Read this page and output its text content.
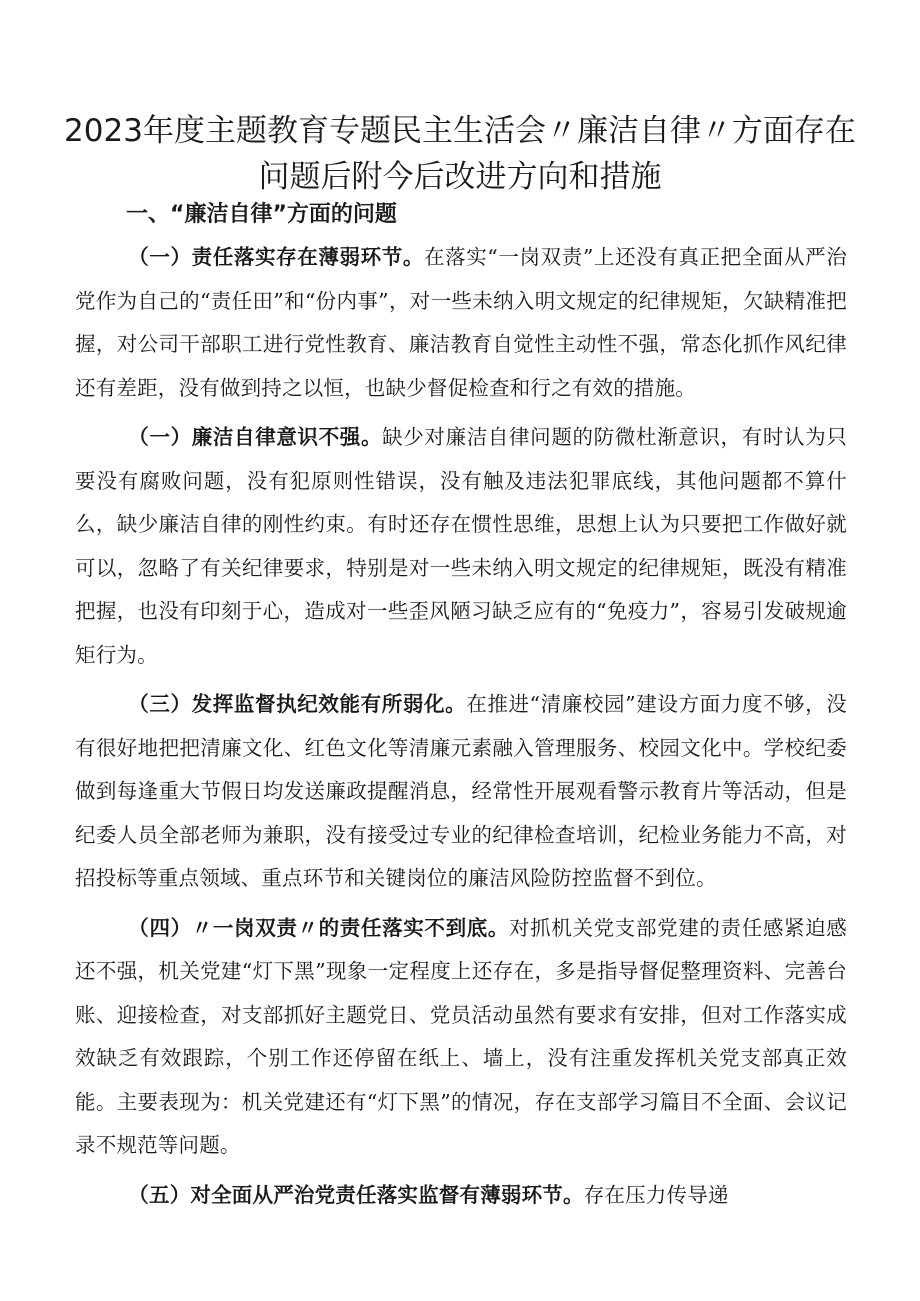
2023年度主题教育专题民主生活会〃廉洁自律〃方面存在问题后附今后改进方向和措施
一、“廉洁自律”方面的问题

（一）责任落实存在薄弱环节。在落实“一岗双责”上还没有真正把全面从严治党作为自己的“责任田”和“份内事”，对一些未纳入明文规定的纪律规矩，欠缺精准把握，对公司干部职工进行党性教育、廉洁教育自觉性主动性不强，常态化抓作风纪律还有差距，没有做到持之以恒，也缺少督促检查和行之有效的措施。

（一）廉洁自律意识不强。缺少对廉洁自律问题的防微杜渐意识，有时认为只要没有腐败问题，没有犯原则性错误，没有触及违法犯罪底线，其他问题都不算什么，缺少廉洁自律的刚性约束。有时还存在惯性思维，思想上认为只要把工作做好就可以，忽略了有关纪律要求，特别是对一些未纳入明文规定的纪律规矩，既没有精准把握，也没有印刻于心，造成对一些歪风陋习缺乏应有的“免疫力”，容易引发破规逾矩行为。

（三）发挥监督执纪效能有所弱化。在推进“清廉校园”建设方面力度不够，没有很好地把把清廉文化、红色文化等清廉元素融入管理服务、校园文化中。学校纪委做到每逢重大节假日均发送廉政提醒消息，经常性开展观看警示教育片等活动，但是纪委人员全部老师为兼职，没有接受过专业的纪律检查培训，纪检业务能力不高，对招投标等重点领域、重点环节和关键岗位的廉洁风险防控监督不到位。

（四）〃一岗双责〃的责任落实不到底。对抓机关党支部党建的责任感紧迫感还不强，机关党建“灯下黑”现象一定程度上还存在，多是指导督促整理资料、完善台账、迎接检查，对支部抓好主题党日、党员活动虽然有要求有安排，但对工作落实成效缺乏有效跟踪，个别工作还停留在纸上、墙上，没有注重发挥机关党支部真正效能。主要表现为：机关党建还有“灯下黑”的情况，存在支部学习篇目不全面、会议记录不规范等问题。

（五）对全面从严治党责任落实监督有薄弱环节。存在压力传导递
